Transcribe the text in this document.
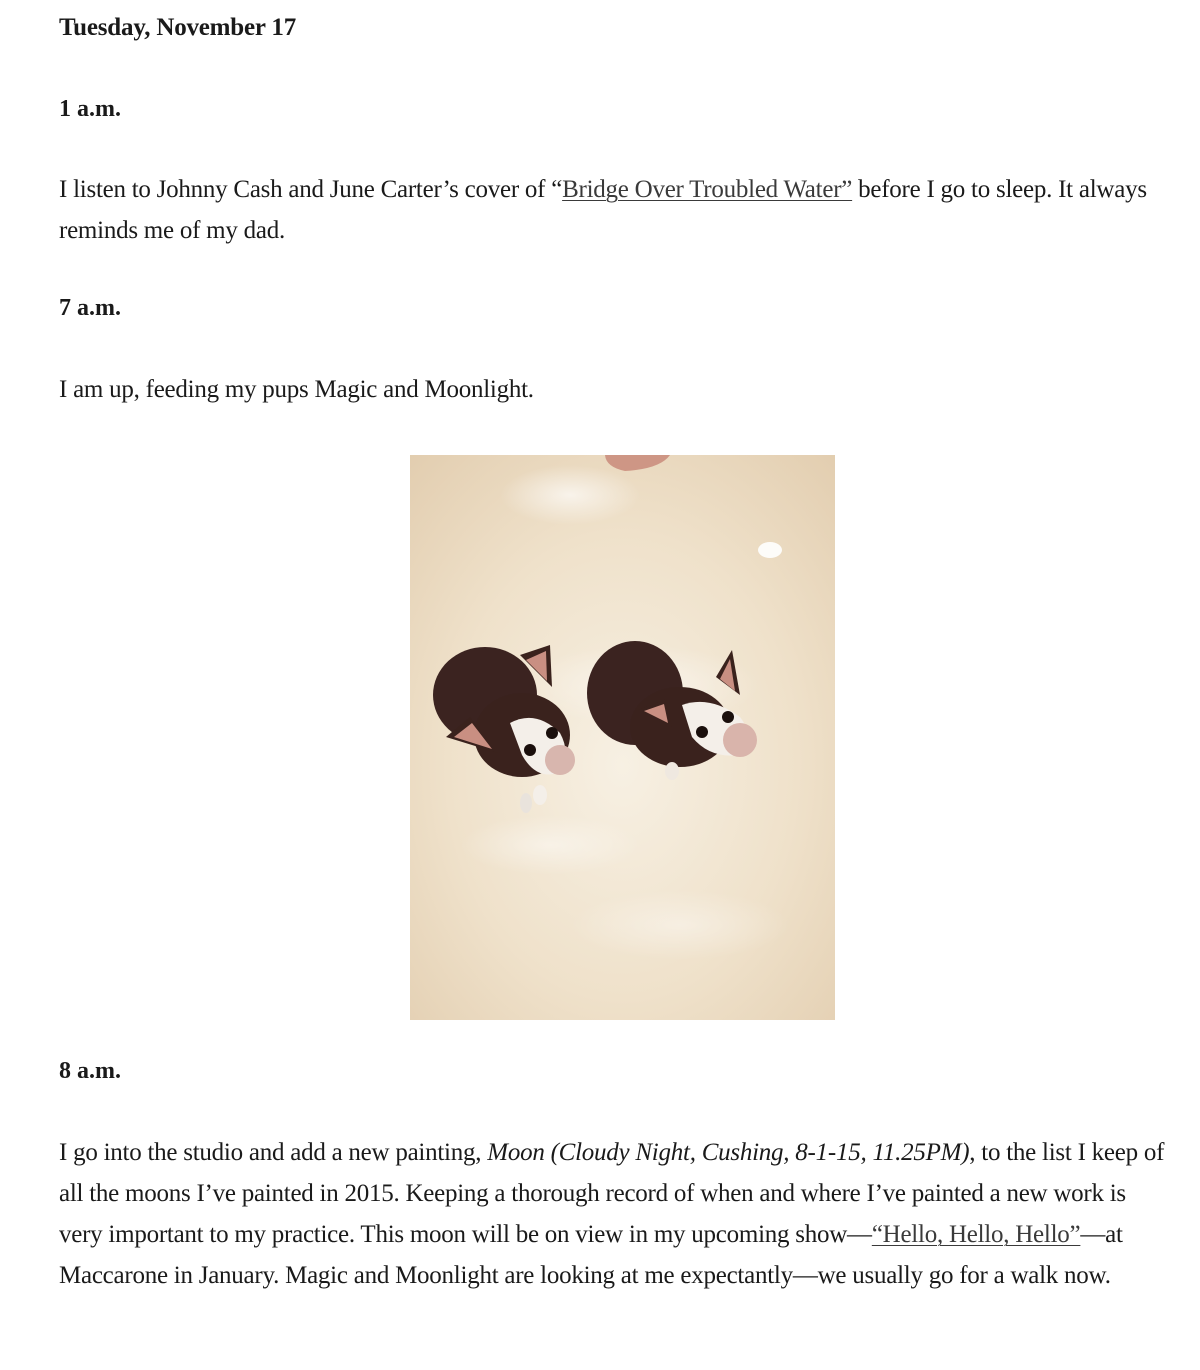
Tuesday, November 17
1 a.m.

I listen to Johnny Cash and June Carter’s cover of “Bridge Over Troubled Water” before I go to sleep. It always reminds me of my dad.

7 a.m.

I am up, feeding my pups Magic and Moonlight.

8 a.m.

I go into the studio and add a new painting, Moon (Cloudy Night, Cushing, 8-1-15, 11.25PM), to the list I keep of all the moons I’ve painted in 2015. Keeping a thorough record of when and where I’ve painted a new work is very important to my practice. This moon will be on view in my upcoming show—“Hello, Hello, Hello”—at Maccarone in January. Magic and Moonlight are looking at me expectantly—we usually go for a walk now.
